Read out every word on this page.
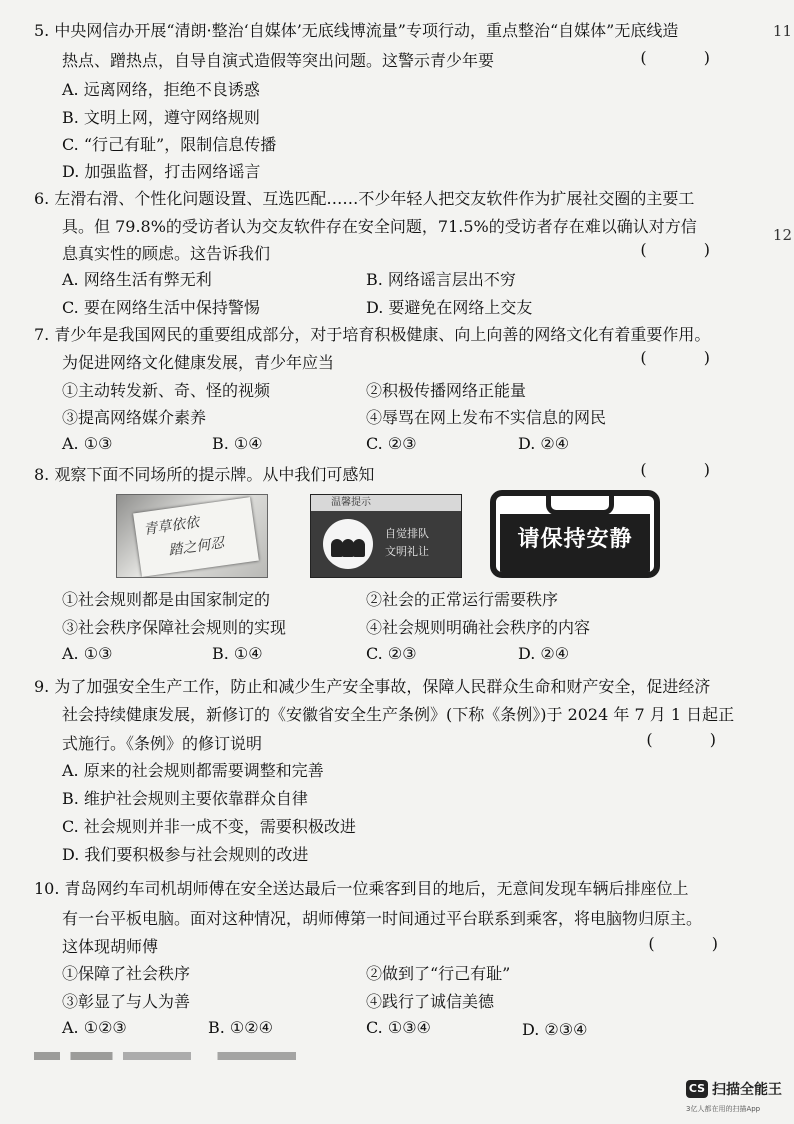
11
12
5. 中央网信办开展“清朗·整治‘自媒体’无底线博流量”专项行动，重点整治“自媒体”无底线造
热点、蹭热点，自导自演式造假等突出问题。这警示青少年要	( )
A. 远离网络，拒绝不良诱惑
B. 文明上网，遵守网络规则
C. “行己有耻”，限制信息传播
D. 加强监督，打击网络谣言
6. 左滑右滑、个性化问题设置、互选匹配……不少年轻人把交友软件作为扩展社交圈的主要工
具。但 79.8%的受访者认为交友软件存在安全问题，71.5%的受访者存在难以确认对方信
息真实性的顾虑。这告诉我们	( )
A. 网络生活有弊无利	B. 网络谣言层出不穷
C. 要在网络生活中保持警惕	D. 要避免在网络上交友
7. 青少年是我国网民的重要组成部分，对于培育积极健康、向上向善的网络文化有着重要作用。
为促进网络文化健康发展，青少年应当	( )
①主动转发新、奇、怪的视频	②积极传播网络正能量
③提高网络媒介素养	④辱骂在网上发布不实信息的网民
A. ①③	B. ①④	C. ②③	D. ②④
8. 观察下面不同场所的提示牌。从中我们可感知	( )
青草依依
踏之何忍
温馨提示
自觉排队
文明礼让	请保持安静
①社会规则都是由国家制定的	②社会的正常运行需要秩序
③社会秩序保障社会规则的实现	④社会规则明确社会秩序的内容
A. ①③	B. ①④	C. ②③	D. ②④
9. 为了加强安全生产工作，防止和减少生产安全事故，保障人民群众生命和财产安全，促进经济
社会持续健康发展，新修订的《安徽省安全生产条例》(下称《条例》)于 2024 年 7 月 1 日起正
式施行。《条例》的修订说明	( )
A. 原来的社会规则都需要调整和完善
B. 维护社会规则主要依靠群众自律
C. 社会规则并非一成不变，需要积极改进
D. 我们要积极参与社会规则的改进
10. 青岛网约车司机胡师傅在安全送达最后一位乘客到目的地后，无意间发现车辆后排座位上
有一台平板电脑。面对这种情况，胡师傅第一时间通过平台联系到乘客，将电脑物归原主。
这体现胡师傅	( )
①保障了社会秩序	②做到了“行己有耻”
③彰显了与人为善	④践行了诚信美德
A. ①②③	B. ①②④	C. ①③④	D. ②③④
CS 扫描全能王
3亿人都在用的扫描App
